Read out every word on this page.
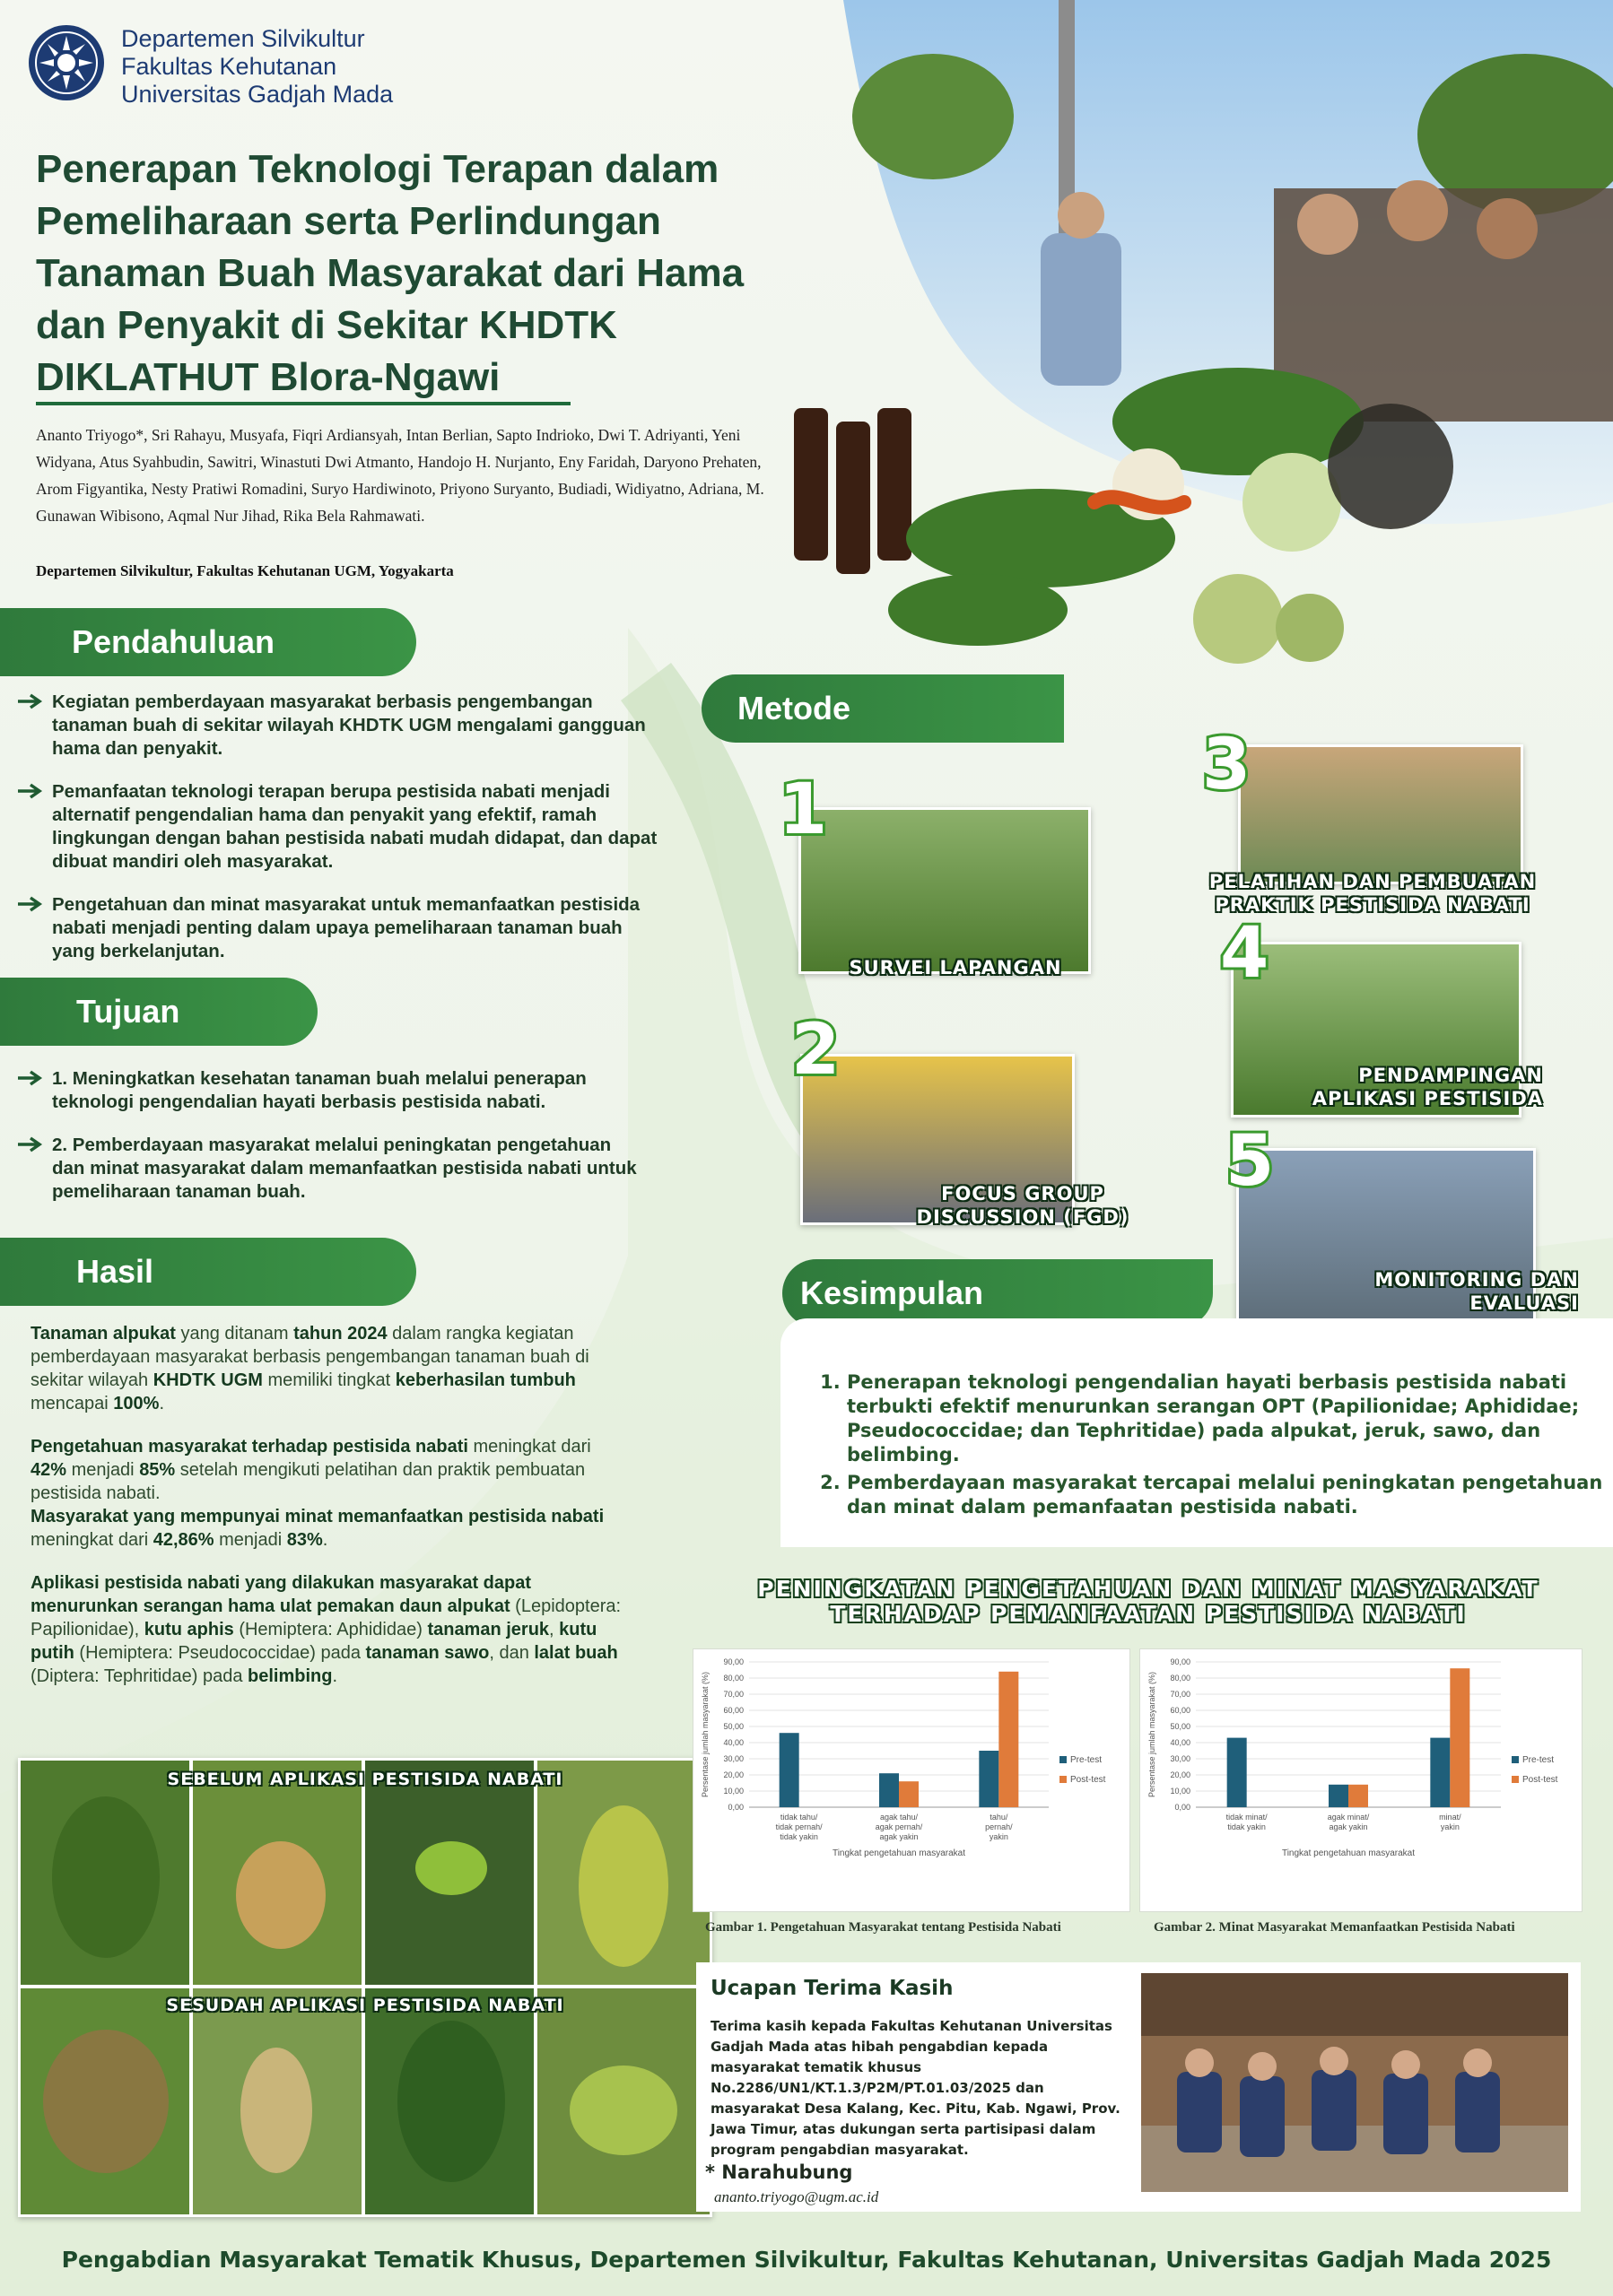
Departemen Silvikultur
Fakultas Kehutanan
Universitas Gadjah Mada
Penerapan Teknologi Terapan dalam
Pemeliharaan serta Perlindungan
Tanaman Buah Masyarakat dari Hama
dan Penyakit di Sekitar KHDTK
DIKLATHUT Blora-Ngawi
Ananto Triyogo*, Sri Rahayu, Musyafa, Fiqri Ardiansyah, Intan Berlian, Sapto Indrioko, Dwi T. Adriyanti, Yeni Widyana, Atus Syahbudin, Sawitri, Winastuti Dwi Atmanto, Handojo H. Nurjanto, Eny Faridah, Daryono Prehaten, Arom Figyantika, Nesty Pratiwi Romadini, Suryo Hardiwinoto, Priyono Suryanto, Budiadi, Widiyatno, Adriana, M. Gunawan Wibisono, Aqmal Nur Jihad, Rika Bela Rahmawati.
Departemen Silvikultur, Fakultas Kehutanan UGM, Yogyakarta
Pendahuluan
Kegiatan pemberdayaan masyarakat berbasis pengembangan tanaman buah di sekitar wilayah KHDTK UGM mengalami gangguan hama dan penyakit.
Pemanfaatan teknologi terapan berupa pestisida nabati menjadi alternatif pengendalian hama dan penyakit yang efektif, ramah lingkungan dengan bahan pestisida nabati mudah didapat, dan dapat dibuat mandiri oleh masyarakat.
Pengetahuan dan minat masyarakat untuk memanfaatkan pestisida nabati menjadi penting dalam upaya pemeliharaan tanaman buah yang berkelanjutan.
Tujuan
1. Meningkatkan kesehatan tanaman buah melalui penerapan teknologi pengendalian hayati berbasis pestisida nabati.
2. Pemberdayaan masyarakat melalui peningkatan pengetahuan dan minat masyarakat dalam memanfaatkan pestisida nabati untuk pemeliharaan tanaman buah.
Hasil

Tanaman alpukat yang ditanam tahun 2024 dalam rangka kegiatan pemberdayaan masyarakat berbasis pengembangan tanaman buah di sekitar wilayah KHDTK UGM memiliki tingkat keberhasilan tumbuh mencapai 100%.

Pengetahuan masyarakat terhadap pestisida nabati meningkat dari 42% menjadi 85% setelah mengikuti pelatihan dan praktik pembuatan pestisida nabati.

Masyarakat yang mempunyai minat memanfaatkan pestisida nabati meningkat dari 42,86% menjadi 83%.

Aplikasi pestisida nabati yang dilakukan masyarakat dapat menurunkan serangan hama ulat pemakan daun alpukat (Lepidoptera: Papilionidae), kutu aphis (Hemiptera: Aphididae) tanaman jeruk, kutu putih (Hemiptera: Pseudococcidae) pada tanaman sawo, dan lalat buah (Diptera: Tephritidae) pada belimbing.

SEBELUM APLIKASI PESTISIDA NABATI
SESUDAH APLIKASI PESTISIDA NABATI
Metode
1
SURVEI LAPANGAN
2
FOCUS GROUP DISCUSSION (FGD)
3
PELATIHAN DAN PEMBUATAN PRAKTIK PESTISIDA NABATI
4
PENDAMPINGAN APLIKASI PESTISIDA
5
MONITORING DAN EVALUASI
Kesimpulan
1. Penerapan teknologi pengendalian hayati berbasis pestisida nabati terbukti efektif menurunkan serangan OPT (Papilionidae; Aphididae; Pseudococcidae; dan Tephritidae) pada alpukat, jeruk, sawo, dan belimbing.
2. Pemberdayaan masyarakat tercapai melalui peningkatan pengetahuan dan minat dalam pemanfaatan pestisida nabati.
PENINGKATAN PENGETAHUAN DAN MINAT MASYARAKAT
TERHADAP PEMANFAATAN PESTISIDA NABATI
0,00
10,00
20,00
30,00
40,00
50,00
60,00
70,00
80,00
90,00
tidak tahu/
tidak pernah/
tidak yakin
agak tahu/
agak pernah/
agak yakin
tahu/
pernah/
yakin
Tingkat pengetahuan masyarakat
Persentase jumlah masyarakat (%)	Pre-test
Post-test
Gambar 1. Pengetahuan Masyarakat tentang Pestisida Nabati
0,00
10,00
20,00
30,00
40,00
50,00
60,00
70,00
80,00
90,00
tidak minat/
tidak yakin
agak minat/
agak yakin
minat/
yakin
Tingkat pengetahuan masyarakat
Persentase jumlah masyarakat (%)	Pre-test
Post-test
Gambar 2. Minat Masyarakat Memanfaatkan Pestisida Nabati
Ucapan Terima Kasih
Terima kasih kepada Fakultas Kehutanan Universitas Gadjah Mada atas hibah pengabdian kepada masyarakat tematik khusus No.2286/UN1/KT.1.3/P2M/PT.01.03/2025 dan masyarakat Desa Kalang, Kec. Pitu, Kab. Ngawi, Prov. Jawa Timur, atas dukungan serta partisipasi dalam program pengabdian masyarakat.
* Narahubung
ananto.triyogo@ugm.ac.id
Pengabdian Masyarakat Tematik Khusus, Departemen Silvikultur, Fakultas Kehutanan, Universitas Gadjah Mada 2025
